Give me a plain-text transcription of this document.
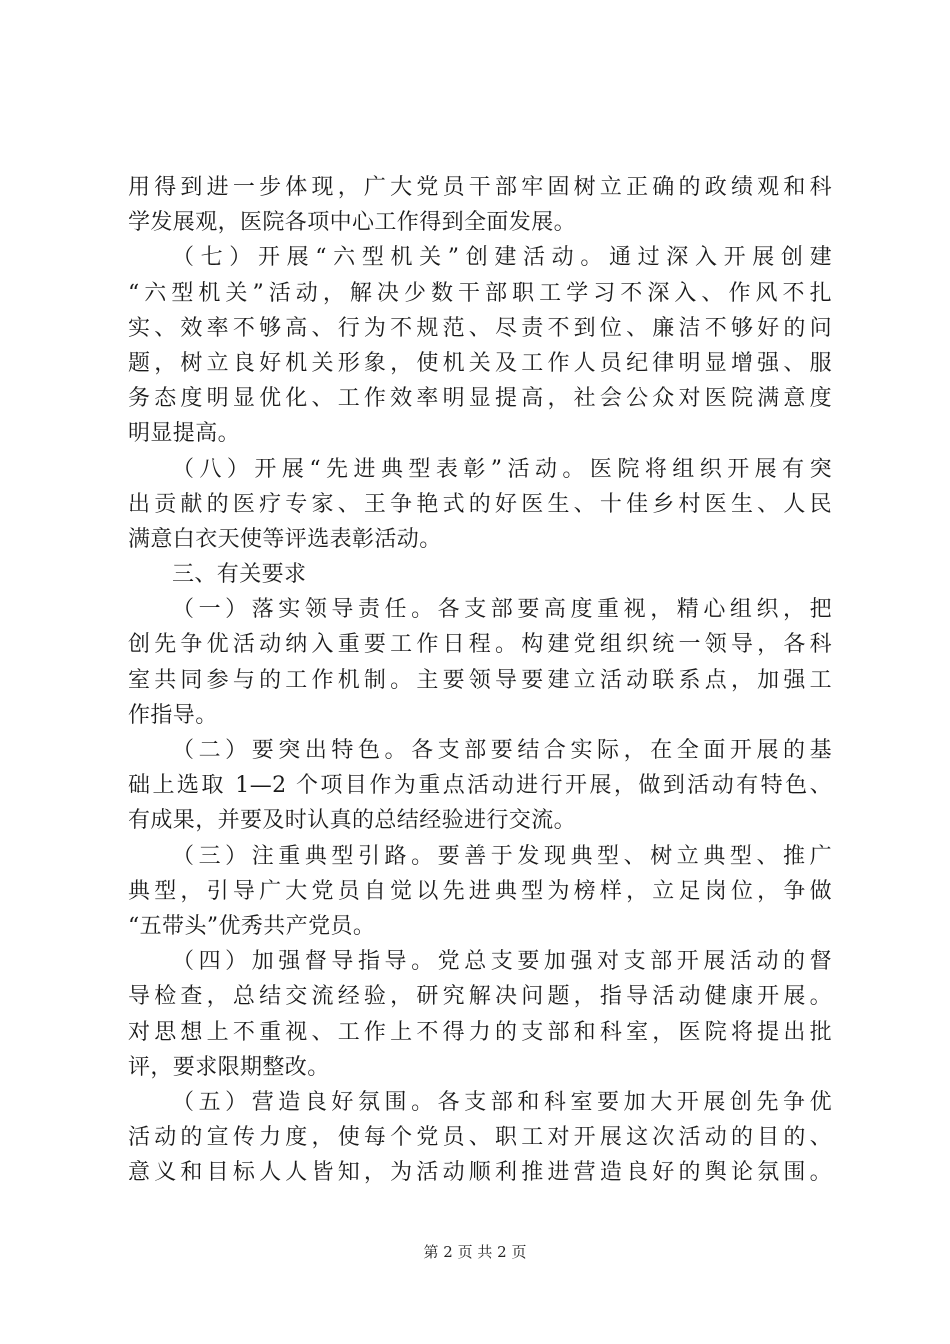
用得到进一步体现，广大党员干部牢固树立正确的政绩观和科
学发展观，医院各项中心工作得到全面发展。
（七）开展“六型机关”创建活动。通过深入开展创建
“六型机关”活动，解决少数干部职工学习不深入、作风不扎
实、效率不够高、行为不规范、尽责不到位、廉洁不够好的问
题，树立良好机关形象，使机关及工作人员纪律明显增强、服
务态度明显优化、工作效率明显提高，社会公众对医院满意度
明显提高。
（八）开展“先进典型表彰”活动。医院将组织开展有突
出贡献的医疗专家、王争艳式的好医生、十佳乡村医生、人民
满意白衣天使等评选表彰活动。
三、有关要求
（一）落实领导责任。各支部要高度重视，精心组织，把
创先争优活动纳入重要工作日程。构建党组织统一领导，各科
室共同参与的工作机制。主要领导要建立活动联系点，加强工
作指导。
（二）要突出特色。各支部要结合实际，在全面开展的基
础上选取 1—2 个项目作为重点活动进行开展，做到活动有特色、
有成果，并要及时认真的总结经验进行交流。
（三）注重典型引路。要善于发现典型、树立典型、推广
典型，引导广大党员自觉以先进典型为榜样，立足岗位，争做
“五带头”优秀共产党员。
（四）加强督导指导。党总支要加强对支部开展活动的督
导检查，总结交流经验，研究解决问题，指导活动健康开展。
对思想上不重视、工作上不得力的支部和科室，医院将提出批
评，要求限期整改。
（五）营造良好氛围。各支部和科室要加大开展创先争优
活动的宣传力度，使每个党员、职工对开展这次活动的目的、
意义和目标人人皆知，为活动顺利推进营造良好的舆论氛围。
第 2 页 共 2 页
